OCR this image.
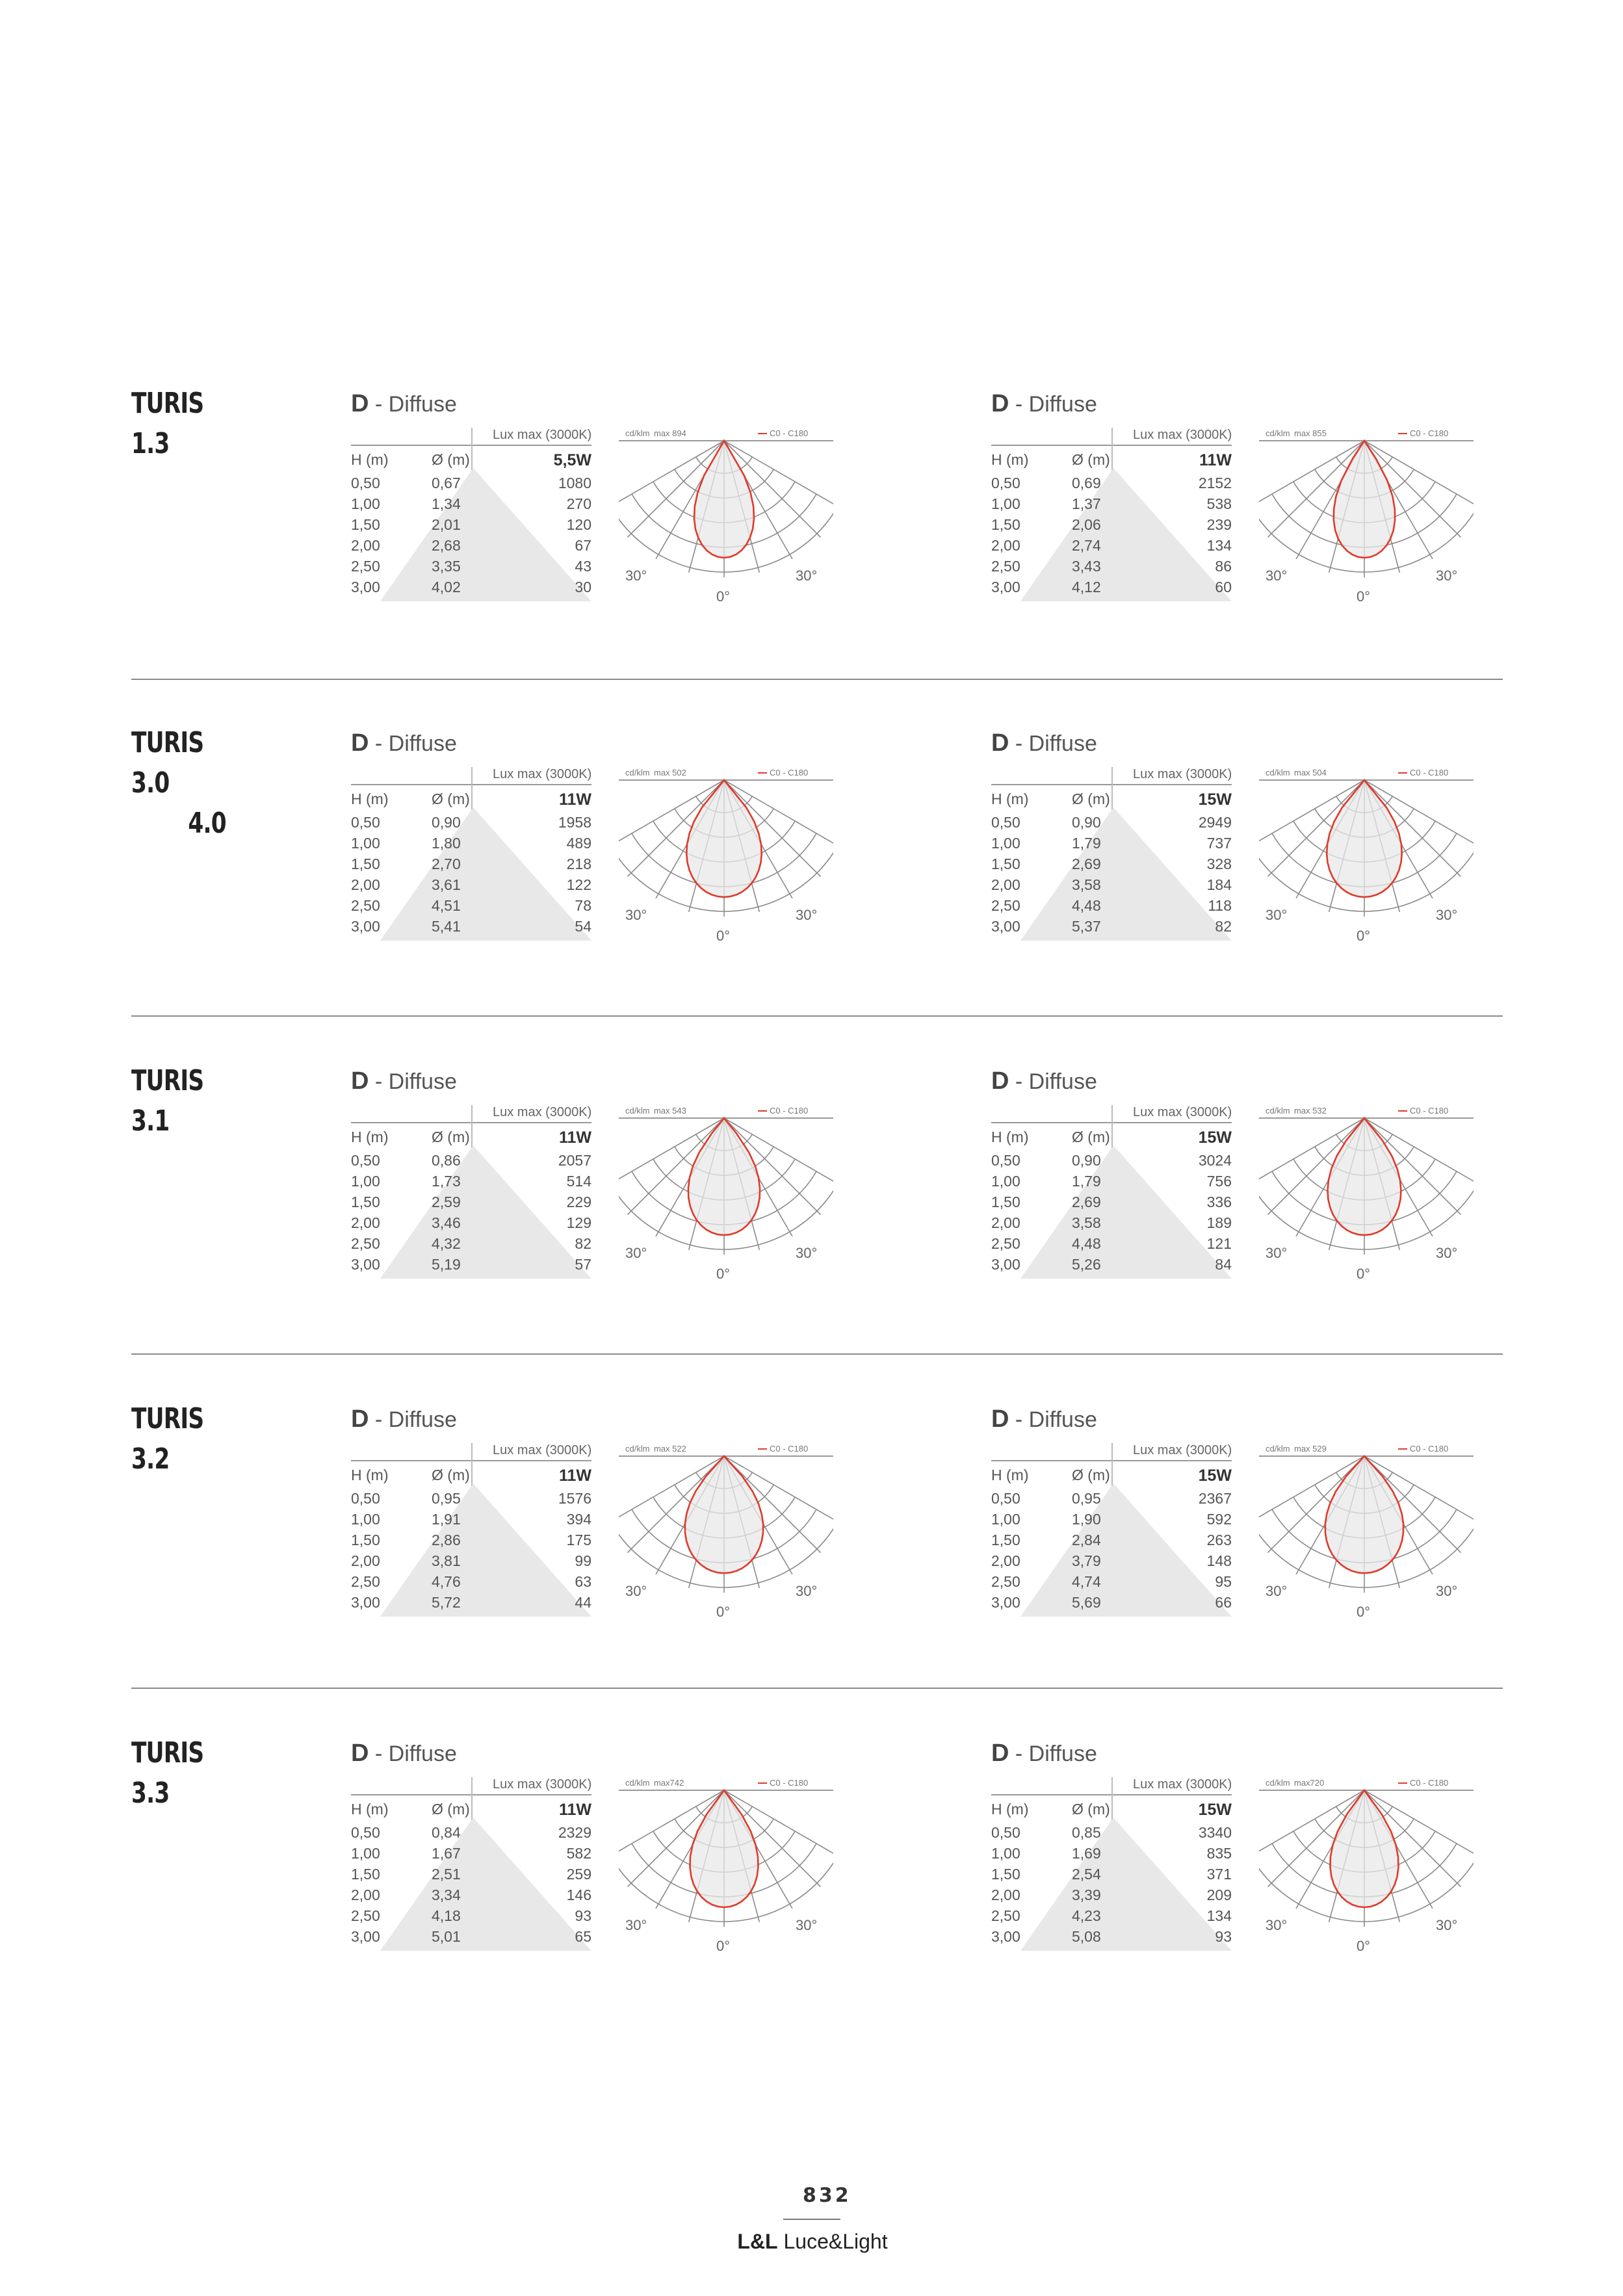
TURIS 1.3
D - Diffuse
Lux max (3000K)
H (m)	Ø (m)	5,5W
0,50	0,67	1080
1,00	1,34	270
1,50	2,01	120
2,00	2,68	67
2,50	3,35	43
3,00	4,02	30
cd/klm max 894	C0 - C180
30°	30°
0°
D - Diffuse
Lux max (3000K)
H (m)	Ø (m)	11W
0,50	0,69	2152
1,00	1,37	538
1,50	2,06	239
2,00	2,74	134
2,50	3,43	86
3,00	4,12	60
cd/klm max 855	C0 - C180
30°	30°
0°
TURIS 3.0
4.0
D - Diffuse
Lux max (3000K)
H (m)	Ø (m)	11W
0,50	0,90	1958
1,00	1,80	489
1,50	2,70	218
2,00	3,61	122
2,50	4,51	78
3,00	5,41	54
cd/klm max 502	C0 - C180
30°	30°
0°
D - Diffuse
Lux max (3000K)
H (m)	Ø (m)	15W
0,50	0,90	2949
1,00	1,79	737
1,50	2,69	328
2,00	3,58	184
2,50	4,48	118
3,00	5,37	82
cd/klm max 504	C0 - C180
30°	30°
0°
TURIS 3.1
D - Diffuse
Lux max (3000K)
H (m)	Ø (m)	11W
0,50	0,86	2057
1,00	1,73	514
1,50	2,59	229
2,00	3,46	129
2,50	4,32	82
3,00	5,19	57
cd/klm max 543	C0 - C180
30°	30°
0°
D - Diffuse
Lux max (3000K)
H (m)	Ø (m)	15W
0,50	0,90	3024
1,00	1,79	756
1,50	2,69	336
2,00	3,58	189
2,50	4,48	121
3,00	5,26	84
cd/klm max 532	C0 - C180
30°	30°
0°
TURIS 3.2
D - Diffuse
Lux max (3000K)
H (m)	Ø (m)	11W
0,50	0,95	1576
1,00	1,91	394
1,50	2,86	175
2,00	3,81	99
2,50	4,76	63
3,00	5,72	44
cd/klm max 522	C0 - C180
30°	30°
0°
D - Diffuse
Lux max (3000K)
H (m)	Ø (m)	15W
0,50	0,95	2367
1,00	1,90	592
1,50	2,84	263
2,00	3,79	148
2,50	4,74	95
3,00	5,69	66
cd/klm max 529	C0 - C180
30°	30°
0°
TURIS 3.3
D - Diffuse
Lux max (3000K)
H (m)	Ø (m)	11W
0,50	0,84	2329
1,00	1,67	582
1,50	2,51	259
2,00	3,34	146
2,50	4,18	93
3,00	5,01	65
cd/klm max742	C0 - C180
30°	30°
0°
D - Diffuse
Lux max (3000K)
H (m)	Ø (m)	15W
0,50	0,85	3340
1,00	1,69	835
1,50	2,54	371
2,00	3,39	209
2,50	4,23	134
3,00	5,08	93
cd/klm max720	C0 - C180
30°	30°
0°
832
L&L Luce&Light
